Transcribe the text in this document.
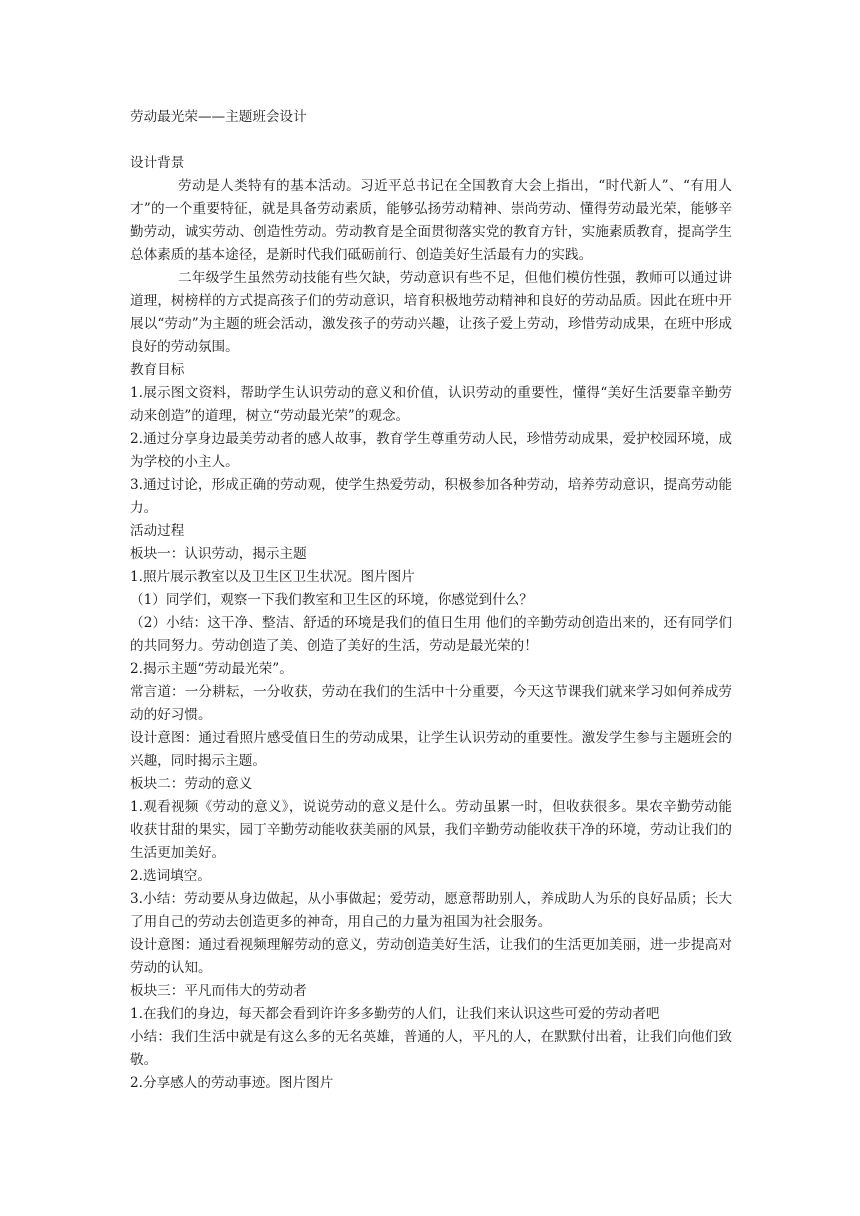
劳动最光荣——主题班会设计

设计背景

劳动是人类特有的基本活动。习近平总书记在全国教育大会上指出，“时代新人”、“有用人才”的一个重要特征，就是具备劳动素质，能够弘扬劳动精神、崇尚劳动、懂得劳动最光荣，能够辛勤劳动，诚实劳动、创造性劳动。劳动教育是全面贯彻落实党的教育方针，实施素质教育，提高学生总体素质的基本途径，是新时代我们砥砺前行、创造美好生活最有力的实践。

二年级学生虽然劳动技能有些欠缺，劳动意识有些不足，但他们模仿性强，教师可以通过讲道理，树榜样的方式提高孩子们的劳动意识，培育积极地劳动精神和良好的劳动品质。因此在班中开展以“劳动”为主题的班会活动，激发孩子的劳动兴趣，让孩子爱上劳动，珍惜劳动成果，在班中形成良好的劳动氛围。

教育目标

1.展示图文资料，帮助学生认识劳动的意义和价值，认识劳动的重要性，懂得“美好生活要靠辛勤劳动来创造”的道理，树立“劳动最光荣”的观念。

2.通过分享身边最美劳动者的感人故事，教育学生尊重劳动人民，珍惜劳动成果，爱护校园环境，成为学校的小主人。

3.通过讨论，形成正确的劳动观，使学生热爱劳动，积极参加各种劳动，培养劳动意识，提高劳动能力。

活动过程

板块一：认识劳动，揭示主题

1.照片展示教室以及卫生区卫生状况。图片图片

（1）同学们，观察一下我们教室和卫生区的环境，你感觉到什么？

（2）小结：这干净、整洁、舒适的环境是我们的值日生用 他们的辛勤劳动创造出来的，还有同学们的共同努力。劳动创造了美、创造了美好的生活，劳动是最光荣的！

2.揭示主题“劳动最光荣”。

常言道：一分耕耘，一分收获，劳动在我们的生活中十分重要，今天这节课我们就来学习如何养成劳动的好习惯。

设计意图：通过看照片感受值日生的劳动成果，让学生认识劳动的重要性。激发学生参与主题班会的兴趣，同时揭示主题。

板块二：劳动的意义

1.观看视频《劳动的意义》，说说劳动的意义是什么。劳动虽累一时，但收获很多。果农辛勤劳动能收获甘甜的果实，园丁辛勤劳动能收获美丽的风景，我们辛勤劳动能收获干净的环境，劳动让我们的生活更加美好。

2.选词填空。

3.小结：劳动要从身边做起，从小事做起；爱劳动，愿意帮助别人，养成助人为乐的良好品质；长大了用自己的劳动去创造更多的神奇，用自己的力量为祖国为社会服务。

设计意图：通过看视频理解劳动的意义，劳动创造美好生活，让我们的生活更加美丽，进一步提高对劳动的认知。

板块三：平凡而伟大的劳动者

1.在我们的身边，每天都会看到许许多多勤劳的人们，让我们来认识这些可爱的劳动者吧

小结：我们生活中就是有这么多的无名英雄，普通的人，平凡的人，在默默付出着，让我们向他们致敬。

2.分享感人的劳动事迹。图片图片
